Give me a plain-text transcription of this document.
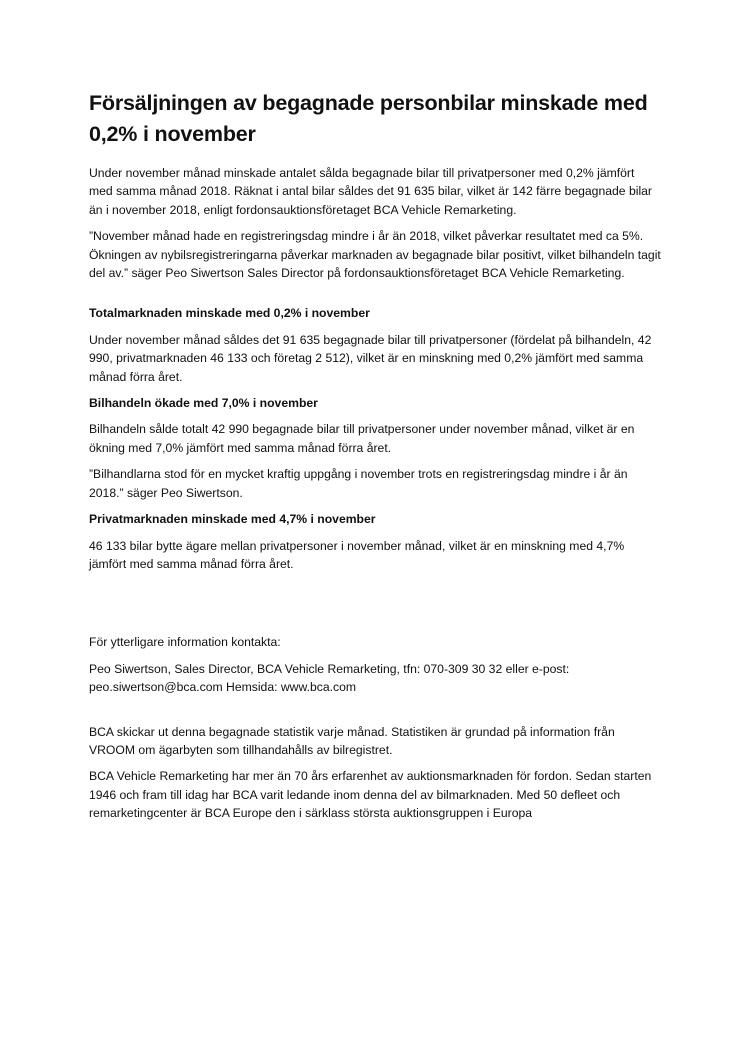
Försäljningen av begagnade personbilar minskade med 0,2% i november

Under november månad minskade antalet sålda begagnade bilar till privatpersoner med 0,2% jämfört med samma månad 2018. Räknat i antal bilar såldes det 91 635 bilar, vilket är 142 färre begagnade bilar än i november 2018, enligt fordonsauktionsföretaget BCA Vehicle Remarketing.

”November månad hade en registreringsdag mindre i år än 2018, vilket påverkar resultatet med ca 5%. Ökningen av nybilsregistreringarna påverkar marknaden av begagnade bilar positivt, vilket bilhandeln tagit del av.” säger Peo Siwertson Sales Director på fordonsauktionsföretaget BCA Vehicle Remarketing.

Totalmarknaden minskade med 0,2% i november

Under november månad såldes det 91 635 begagnade bilar till privatpersoner (fördelat på bilhandeln, 42 990, privatmarknaden 46 133 och företag 2 512), vilket är en minskning med 0,2% jämfört med samma månad förra året.

Bilhandeln ökade med 7,0% i november

Bilhandeln sålde totalt 42 990 begagnade bilar till privatpersoner under november månad, vilket är en ökning med 7,0% jämfört med samma månad förra året.

”Bilhandlarna stod för en mycket kraftig uppgång i november trots en registreringsdag mindre i år än 2018.” säger Peo Siwertson.

Privatmarknaden minskade med 4,7% i november

46 133 bilar bytte ägare mellan privatpersoner i november månad, vilket är en minskning med 4,7% jämfört med samma månad förra året.

För ytterligare information kontakta:

Peo Siwertson, Sales Director, BCA Vehicle Remarketing, tfn: 070-309 30 32 eller e-post: peo.siwertson@bca.com Hemsida: www.bca.com

BCA skickar ut denna begagnade statistik varje månad. Statistiken är grundad på information från VROOM om ägarbyten som tillhandahålls av bilregistret.

BCA Vehicle Remarketing har mer än 70 års erfarenhet av auktionsmarknaden för fordon. Sedan starten 1946 och fram till idag har BCA varit ledande inom denna del av bilmarknaden. Med 50 defleet och remarketingcenter är BCA Europe den i särklass största auktionsgruppen i Europa
